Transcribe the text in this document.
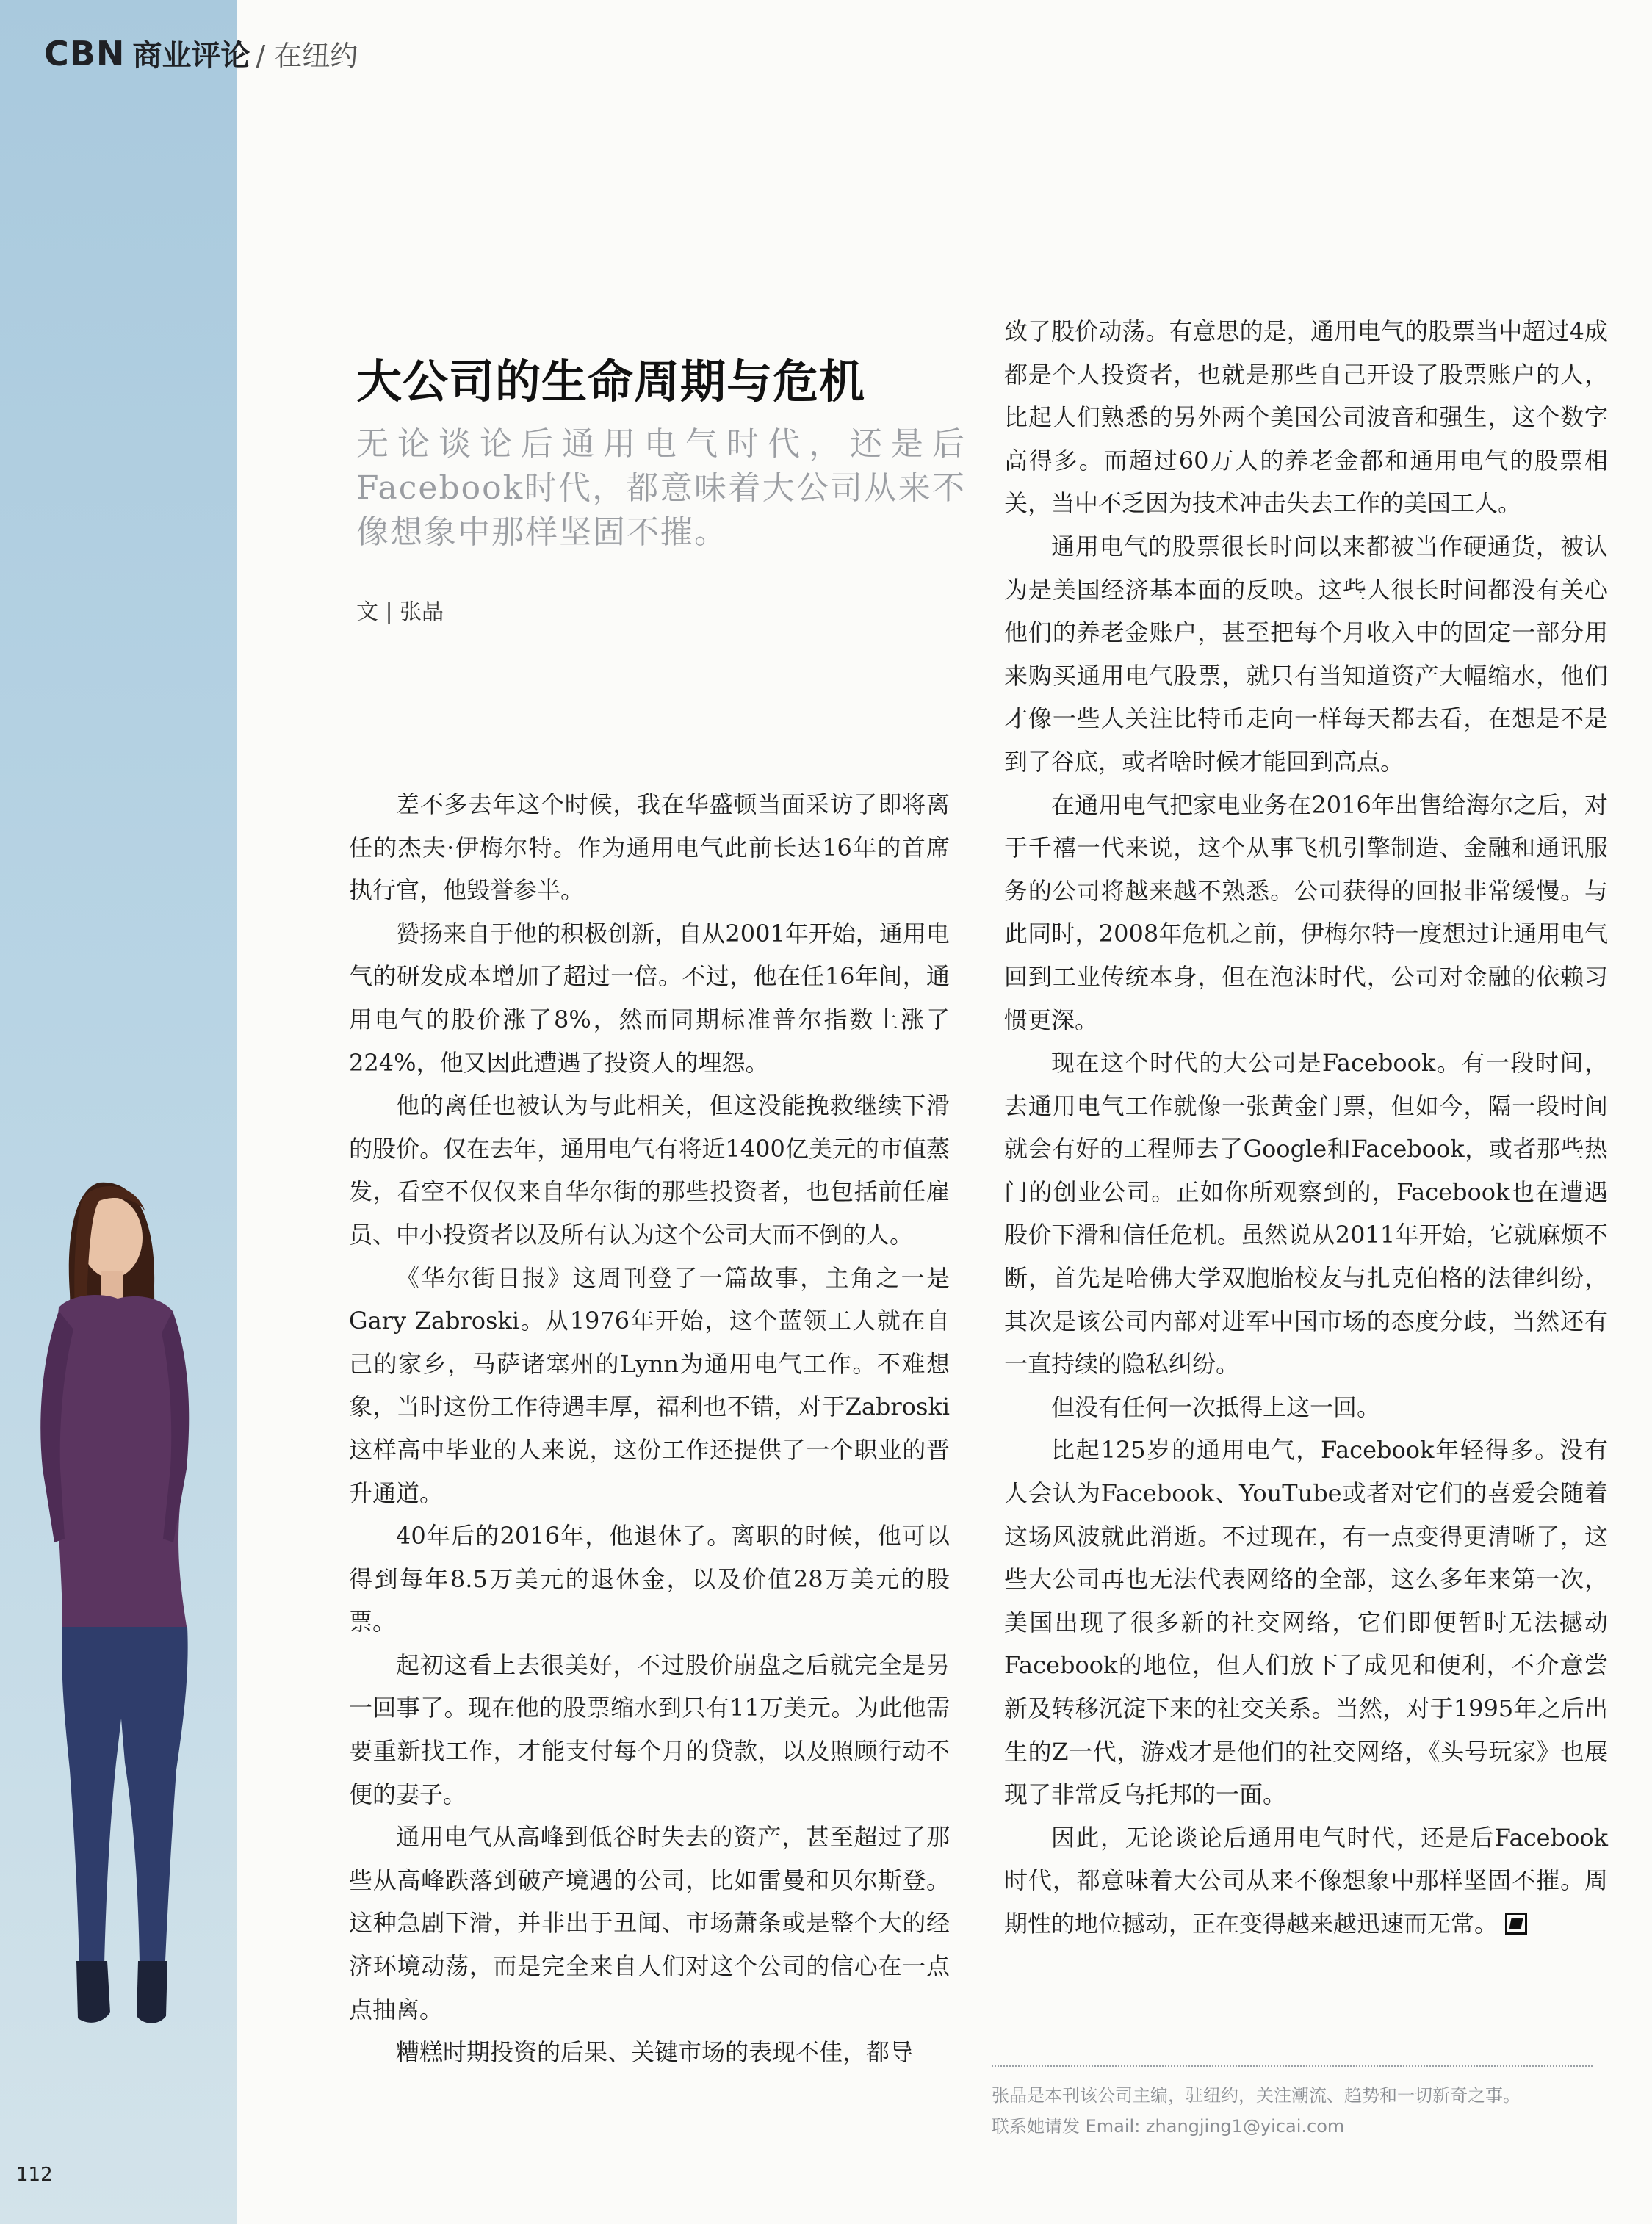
CBN 商业评论 / 在纽约
大公司的生命周期与危机
无论谈论后通用电气时代，还是后Facebook时代，都意味着大公司从来不像想象中那样坚固不摧。
文 | 张晶

差不多去年这个时候，我在华盛顿当面采访了即将离任的杰夫·伊梅尔特。作为通用电气此前长达16年的首席执行官，他毁誉参半。

赞扬来自于他的积极创新，自从2001年开始，通用电气的研发成本增加了超过一倍。不过，他在任16年间，通用电气的股价涨了8%，然而同期标准普尔指数上涨了224%，他又因此遭遇了投资人的埋怨。

他的离任也被认为与此相关，但这没能挽救继续下滑的股价。仅在去年，通用电气有将近1400亿美元的市值蒸发，看空不仅仅来自华尔街的那些投资者，也包括前任雇员、中小投资者以及所有认为这个公司大而不倒的人。

《华尔街日报》这周刊登了一篇故事，主角之一是Gary Zabroski。从1976年开始，这个蓝领工人就在自己的家乡，马萨诸塞州的Lynn为通用电气工作。不难想象，当时这份工作待遇丰厚，福利也不错，对于Zabroski这样高中毕业的人来说，这份工作还提供了一个职业的晋升通道。

40年后的2016年，他退休了。离职的时候，他可以得到每年8.5万美元的退休金，以及价值28万美元的股票。

起初这看上去很美好，不过股价崩盘之后就完全是另一回事了。现在他的股票缩水到只有11万美元。为此他需要重新找工作，才能支付每个月的贷款，以及照顾行动不便的妻子。

通用电气从高峰到低谷时失去的资产，甚至超过了那些从高峰跌落到破产境遇的公司，比如雷曼和贝尔斯登。这种急剧下滑，并非出于丑闻、市场萧条或是整个大的经济环境动荡，而是完全来自人们对这个公司的信心在一点点抽离。

糟糕时期投资的后果、关键市场的表现不佳，都导

致了股价动荡。有意思的是，通用电气的股票当中超过4成都是个人投资者，也就是那些自己开设了股票账户的人，比起人们熟悉的另外两个美国公司波音和强生，这个数字高得多。而超过60万人的养老金都和通用电气的股票相关，当中不乏因为技术冲击失去工作的美国工人。

通用电气的股票很长时间以来都被当作硬通货，被认为是美国经济基本面的反映。这些人很长时间都没有关心他们的养老金账户，甚至把每个月收入中的固定一部分用来购买通用电气股票，就只有当知道资产大幅缩水，他们才像一些人关注比特币走向一样每天都去看，在想是不是到了谷底，或者啥时候才能回到高点。

在通用电气把家电业务在2016年出售给海尔之后，对于千禧一代来说，这个从事飞机引擎制造、金融和通讯服务的公司将越来越不熟悉。公司获得的回报非常缓慢。与此同时，2008年危机之前，伊梅尔特一度想过让通用电气回到工业传统本身，但在泡沫时代，公司对金融的依赖习惯更深。

现在这个时代的大公司是Facebook。有一段时间，去通用电气工作就像一张黄金门票，但如今，隔一段时间就会有好的工程师去了Google和Facebook，或者那些热门的创业公司。正如你所观察到的，Facebook也在遭遇股价下滑和信任危机。虽然说从2011年开始，它就麻烦不断，首先是哈佛大学双胞胎校友与扎克伯格的法律纠纷，其次是该公司内部对进军中国市场的态度分歧，当然还有一直持续的隐私纠纷。

但没有任何一次抵得上这一回。

比起125岁的通用电气，Facebook年轻得多。没有人会认为Facebook、YouTube或者对它们的喜爱会随着这场风波就此消逝。不过现在，有一点变得更清晰了，这些大公司再也无法代表网络的全部，这么多年来第一次，美国出现了很多新的社交网络，它们即便暂时无法撼动Facebook的地位，但人们放下了成见和便利，不介意尝新及转移沉淀下来的社交关系。当然，对于1995年之后出生的Z一代，游戏才是他们的社交网络，《头号玩家》也展现了非常反乌托邦的一面。

因此，无论谈论后通用电气时代，还是后Facebook时代，都意味着大公司从来不像想象中那样坚固不摧。周期性的地位撼动，正在变得越来越迅速而无常。

张晶是本刊该公司主编，驻纽约，关注潮流、趋势和一切新奇之事。
联系她请发 Email: zhangjing1@yicai.com
112
